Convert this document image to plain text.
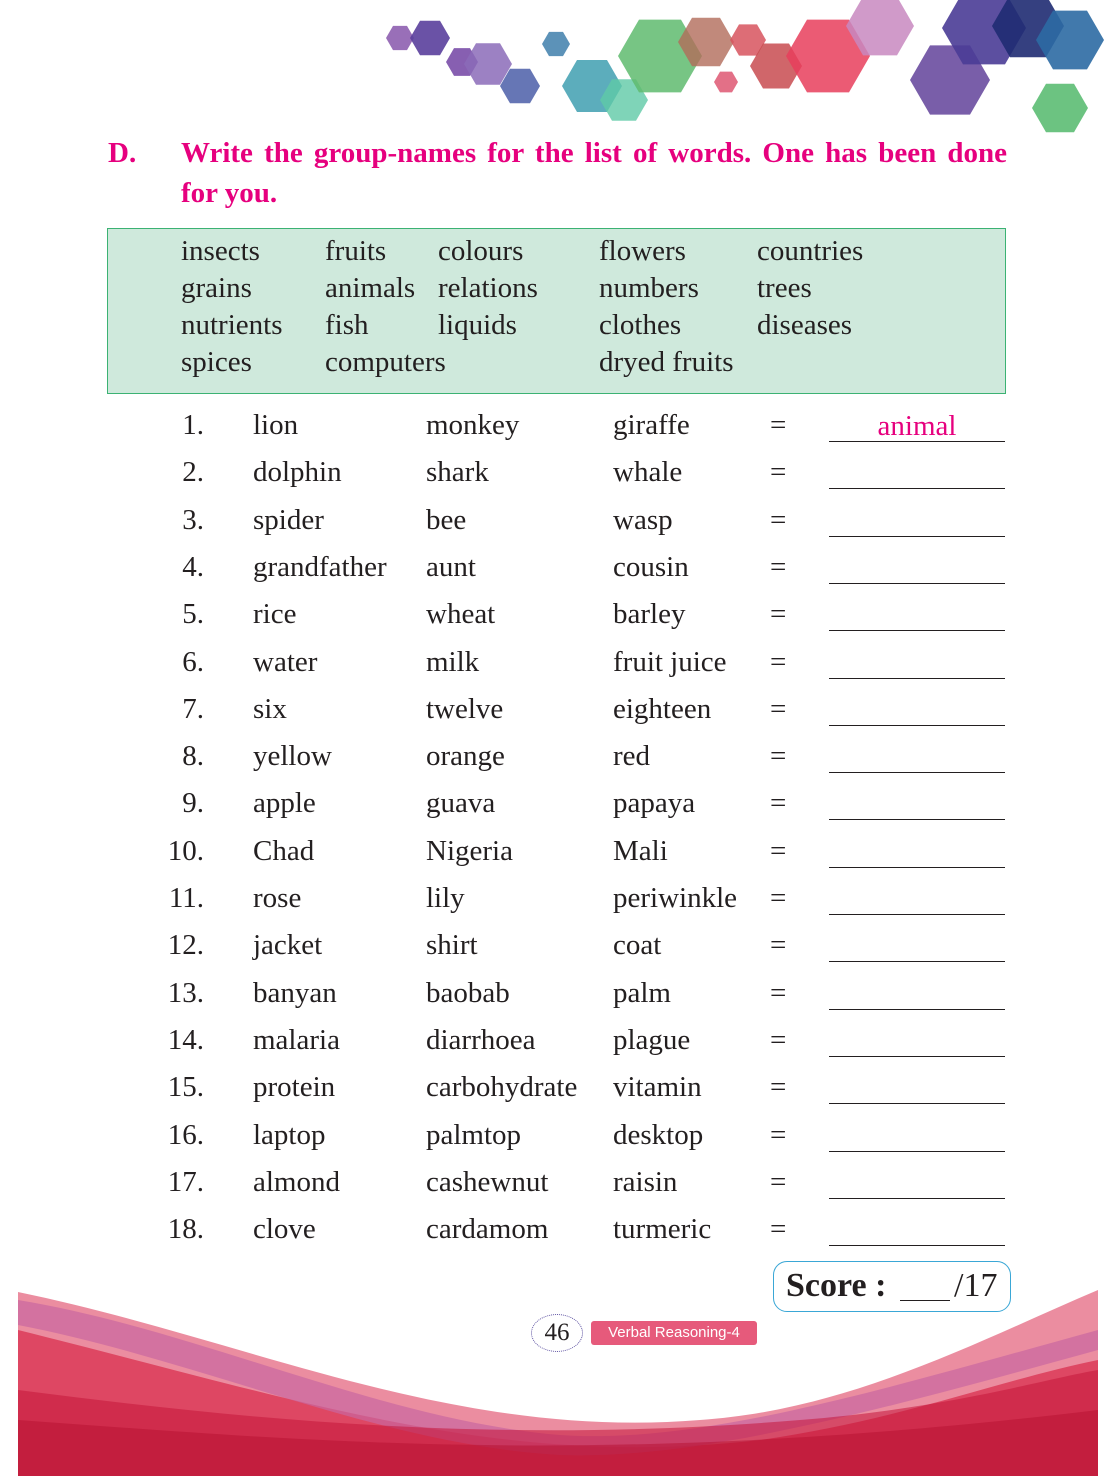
D. Write the group-names for the list of words. One has been done for you.
insects fruits colours	flowers countries
grains	animals relations numbers trees
nutrients fish liquids	clothes	diseases
spices	computers	dryed fruits
1. lion	monkey	giraffe	=	animal
2. dolphin	shark	whale	=
3. spider	bee	wasp	=
4. grandfather aunt	cousin	=
5. rice	wheat	barley	=
6. water	milk	fruit juice =
7. six	twelve	eighteen =
8. yellow	orange	red	=
9. apple	guava	papaya	=
10. Chad	Nigeria	Mali	=
11. rose	lily	periwinkle =
12. jacket	shirt	coat	=
13. banyan	baobab	palm	=
14. malaria	diarrhoea	plague	=
15. protein	carbohydrate vitamin =
16. laptop	palmtop	desktop =
17. almond	cashewnut raisin	=
18. clove	cardamom turmeric =
Score : /17
46	Verbal Reasoning-4
